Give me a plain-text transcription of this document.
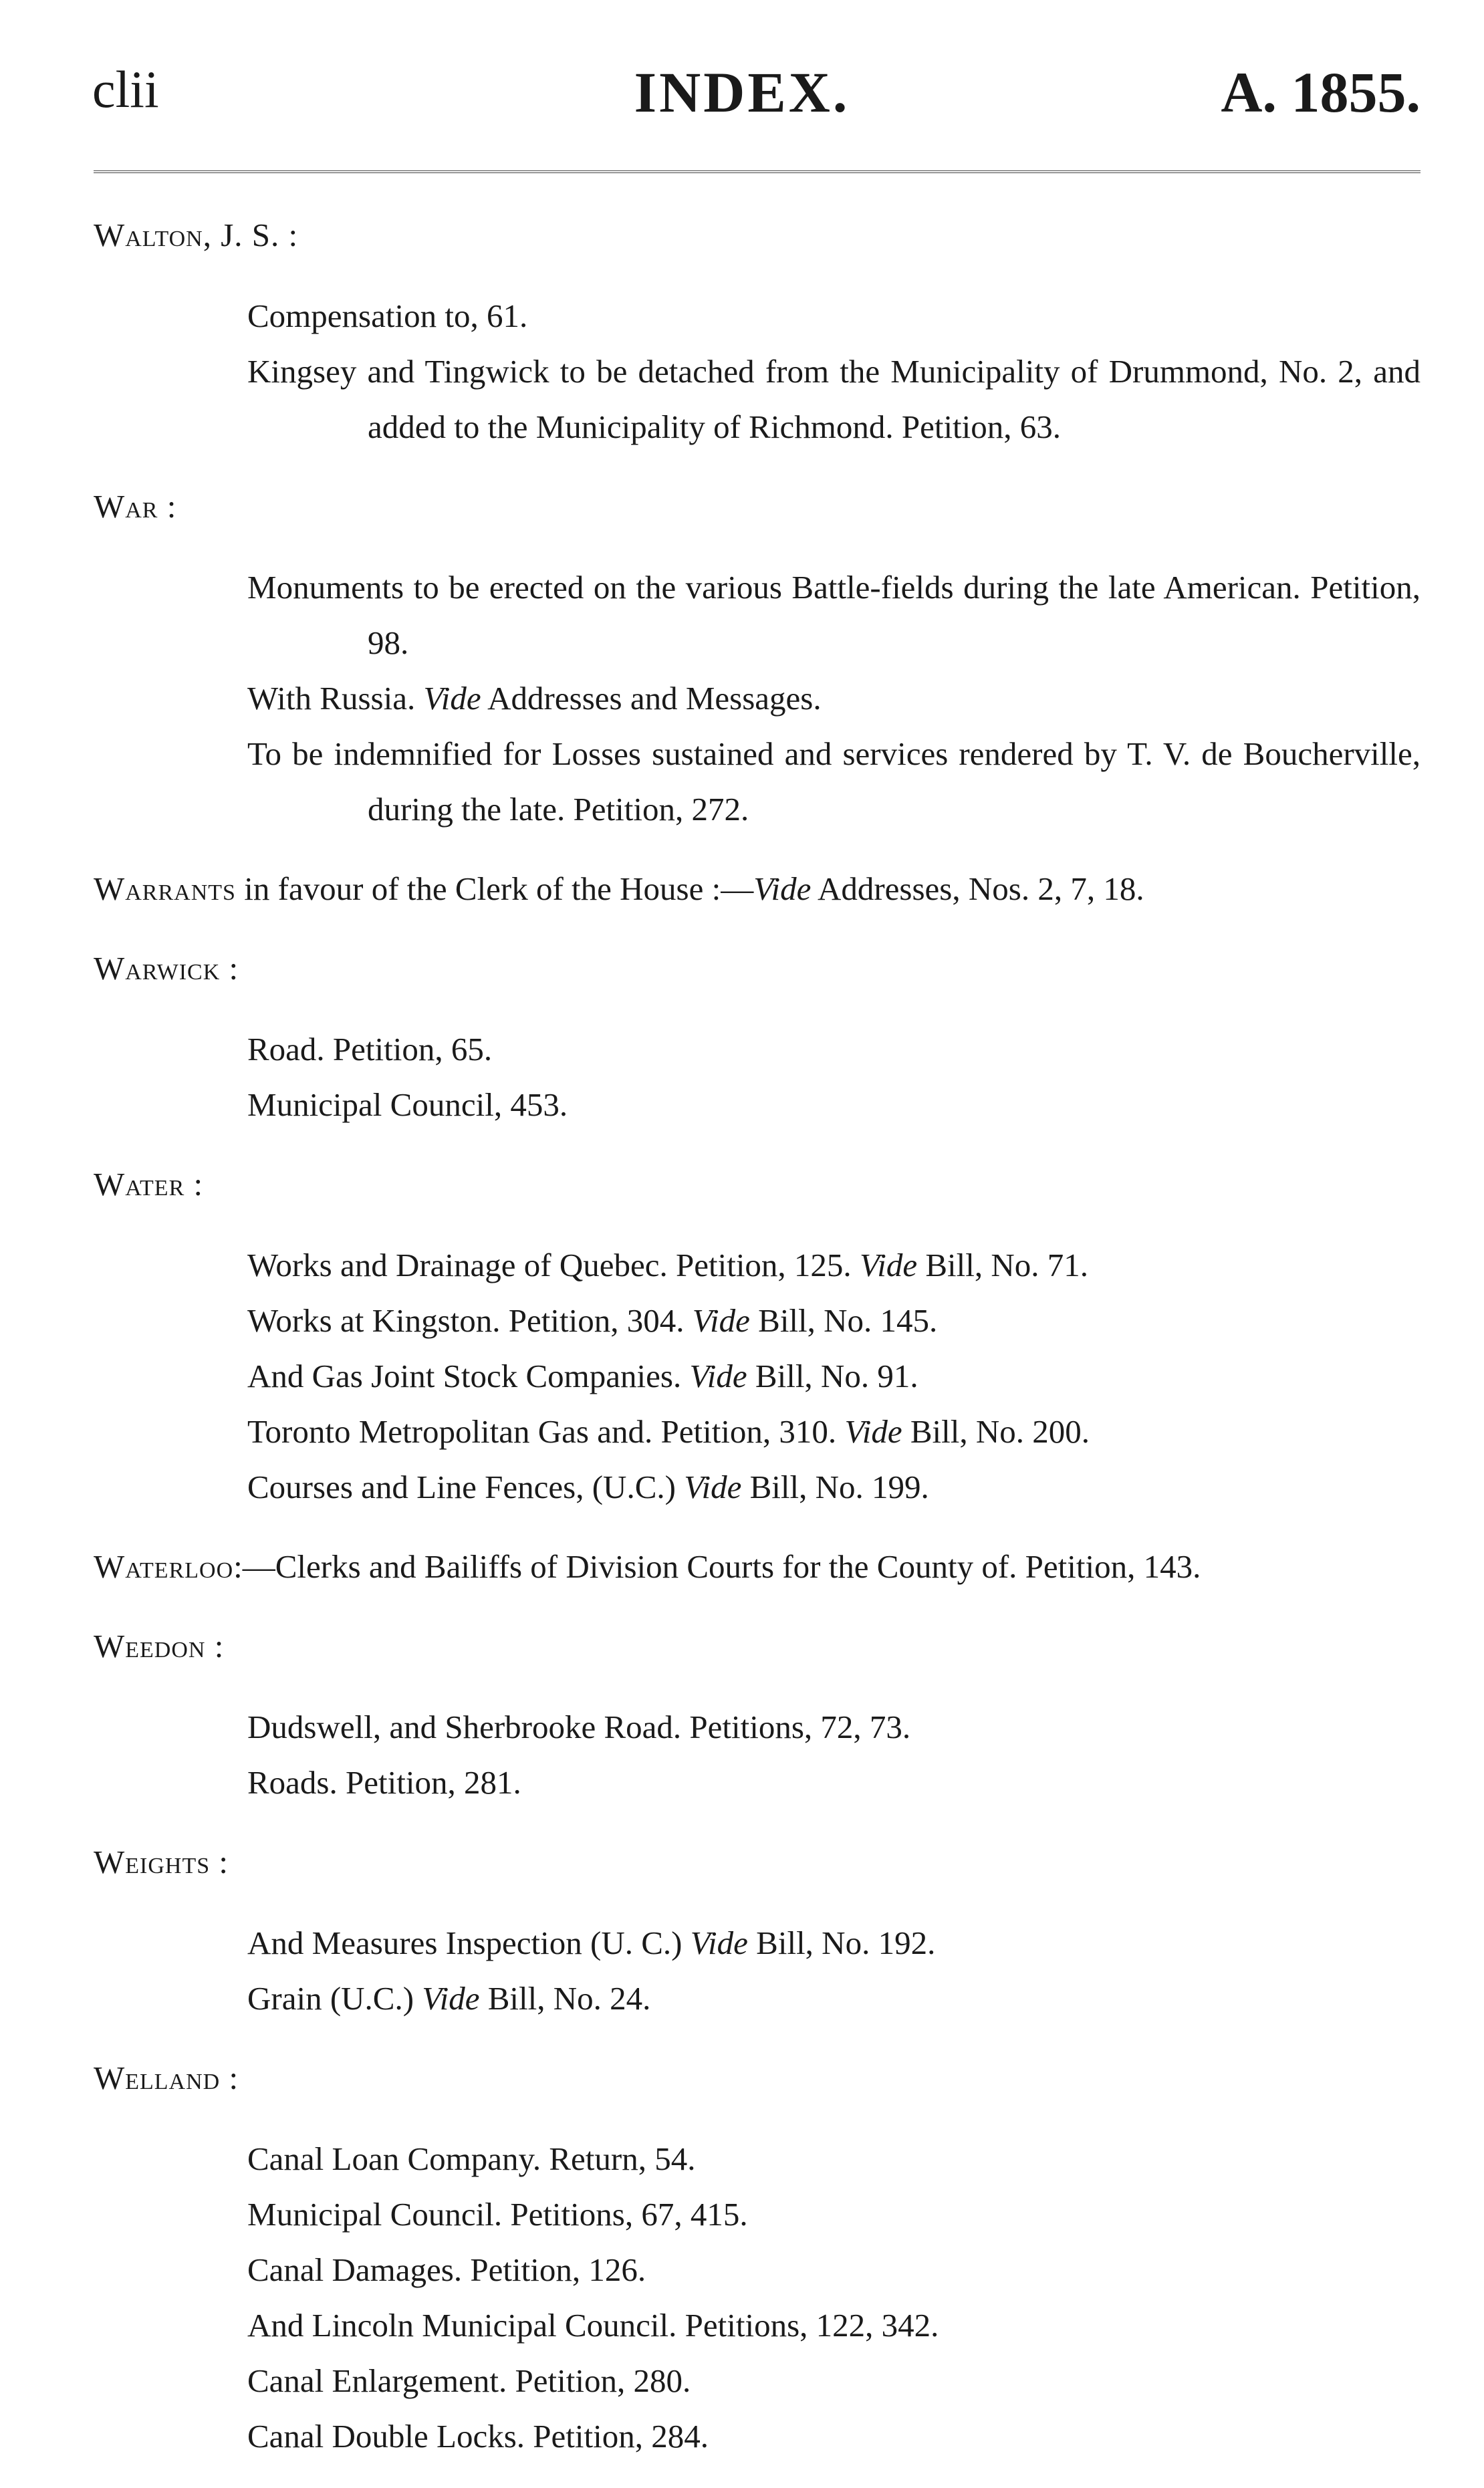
clii	INDEX.	A. 1855.
Walton, J. S. :

Compensation to, 61.

Kingsey and Tingwick to be detached from the Municipality of Drummond, No. 2, and added to the Municipality of Richmond. Petition, 63.

War :

Monuments to be erected on the various Battle-fields during the late American. Petition, 98.

With Russia. Vide Addresses and Messages.

To be indemnified for Losses sustained and services rendered by T. V. de Boucherville, during the late. Petition, 272.

Warrants in favour of the Clerk of the House :—Vide Addresses, Nos. 2, 7, 18.

Warwick :

Road. Petition, 65.

Municipal Council, 453.

Water :

Works and Drainage of Quebec. Petition, 125. Vide Bill, No. 71.

Works at Kingston. Petition, 304. Vide Bill, No. 145.

And Gas Joint Stock Companies. Vide Bill, No. 91.

Toronto Metropolitan Gas and. Petition, 310. Vide Bill, No. 200.

Courses and Line Fences, (U.C.) Vide Bill, No. 199.

Waterloo:—Clerks and Bailiffs of Division Courts for the County of. Petition, 143.

Weedon :

Dudswell, and Sherbrooke Road. Petitions, 72, 73.

Roads. Petition, 281.

Weights :

And Measures Inspection (U. C.) Vide Bill, No. 192.

Grain (U.C.) Vide Bill, No. 24.

Welland :

Canal Loan Company. Return, 54.

Municipal Council. Petitions, 67, 415.

Canal Damages. Petition, 126.

And Lincoln Municipal Council. Petitions, 122, 342.

Canal Enlargement. Petition, 280.

Canal Double Locks. Petition, 284.
